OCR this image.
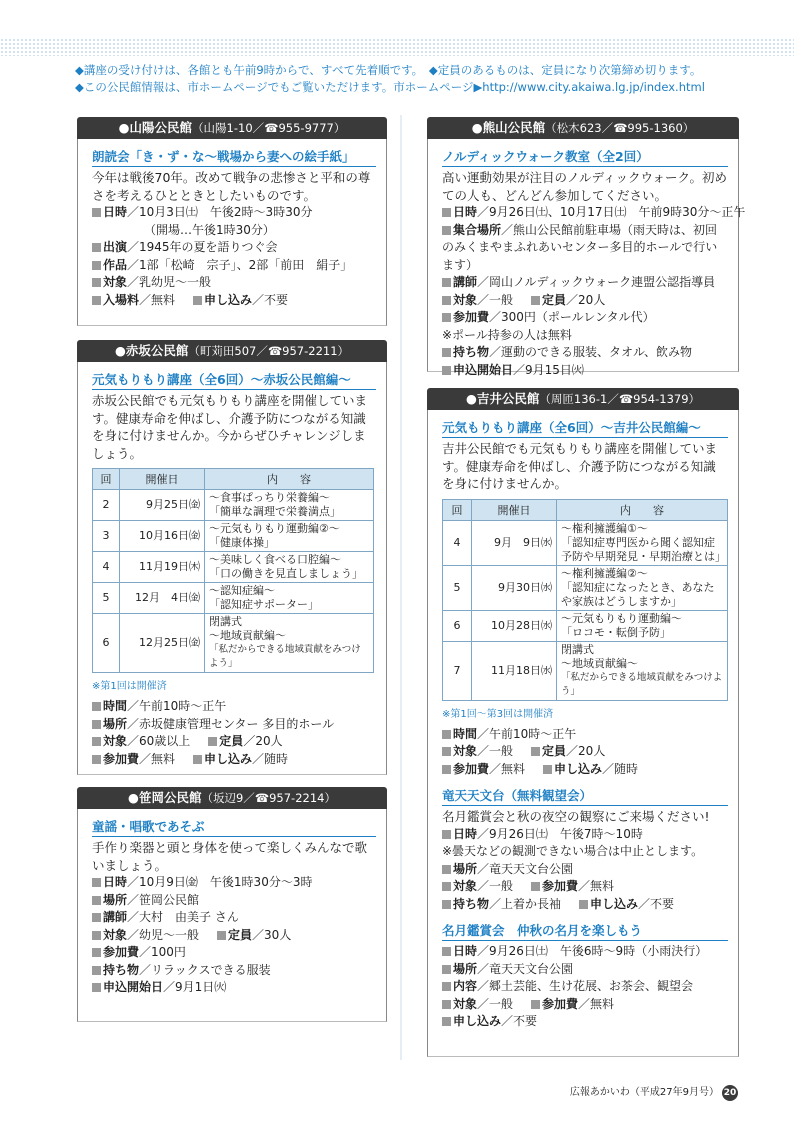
◆講座の受け付けは、各館とも午前9時からで、すべて先着順です。　◆定員のあるものは、定員になり次第締め切ります。
◆この公民館情報は、市ホームページでもご覧いただけます。市ホームページ▶http://www.city.akaiwa.lg.jp/index.html
●山陽公民館（山陽1-10／☎955-9777）
朗読会「き・ず・な～戦場から妻への絵手紙」
今年は戦後70年。改めて戦争の悲惨さと平和の尊さを考えるひとときとしたいものです。
日時／10月3日㈯　午後2時～3時30分
（開場…午後1時30分）
出演／1945年の夏を語りつぐ会
作品／1部「松崎　宗子」、2部「前田　絹子」
対象／乳幼児～一般
入場料／無料 申し込み／不要
●赤坂公民館（町苅田507／☎957-2211）
元気もりもり講座（全6回）～赤坂公民館編～
赤坂公民館でも元気もりもり講座を開催しています。健康寿命を伸ばし、介護予防につながる知識を身に付けませんか。今からぜひチャレンジしましょう。
回	開催日	内　　容
2	9月25日㈮	～食事ぱっちり栄養編～
「簡単な調理で栄養満点」

3	10月16日㈮	～元気もりもり運動編②～
「健康体操」

4	11月19日㈭	～美味しく食べる口腔編～
「口の働きを見直しましょう」

5	12月　4日㈮	～認知症編～
「認知症サポーター」

6	12月25日㈮	閉講式
～地域貢献編～
「私だからできる地域貢献をみつけよう」
※第1回は開催済
時間／午前10時～正午
場所／赤坂健康管理センター 多目的ホール
対象／60歳以上 定員／20人
参加費／無料 申し込み／随時
●笹岡公民館（坂辺9／☎957-2214）
童謡・唱歌であそぶ
手作り楽器と頭と身体を使って楽しくみんなで歌いましょう。
日時／10月9日㈮　午後1時30分～3時
場所／笹岡公民館
講師／大村　由美子 さん
対象／幼児～一般 定員／30人
参加費／100円
持ち物／リラックスできる服装
申込開始日／9月1日㈫
●熊山公民館（松木623／☎995-1360）
ノルディックウォーク教室（全2回）
高い運動効果が注目のノルディックウォーク。初めての人も、どんどん参加してください。
日時／9月26日㈯、10月17日㈯　午前9時30分～正午
集合場所／熊山公民館前駐車場（雨天時は、初回のみくまやまふれあいセンター多目的ホールで行います）
講師／岡山ノルディックウォーク連盟公認指導員
対象／一般 定員／20人
参加費／300円（ポールレンタル代）
※ポール持参の人は無料
持ち物／運動のできる服装、タオル、飲み物
申込開始日／9月15日㈫
●吉井公民館（周匝136-1／☎954-1379）
元気もりもり講座（全6回）～吉井公民館編～
吉井公民館でも元気もりもり講座を開催しています。健康寿命を伸ばし、介護予防につながる知識を身に付けませんか。
回	開催日	内　　容
4	9月　9日㈬	～権利擁護編①～
「認知症専門医から聞く認知症
予防や早期発見・早期治療とは」

5	9月30日㈬	～権利擁護編②～
「認知症になったとき、あなた
や家族はどうしますか」

6	10月28日㈬	～元気もりもり運動編～
「ロコモ・転倒予防」

7	11月18日㈬	閉講式
～地域貢献編～
「私だからできる地域貢献をみつけよう」
※第1回～第3回は開催済
時間／午前10時～正午
対象／一般 定員／20人
参加費／無料 申し込み／随時
竜天天文台（無料観望会）
名月鑑賞会と秋の夜空の観察にご来場ください!
日時／9月26日㈯　午後7時～10時
※曇天などの観測できない場合は中止とします。
場所／竜天天文台公園
対象／一般 参加費／無料
持ち物／上着か長袖 申し込み／不要
名月鑑賞会　仲秋の名月を楽しもう
日時／9月26日㈯　午後6時～9時（小雨決行）
場所／竜天天文台公園
内容／郷土芸能、生け花展、お茶会、観望会
対象／一般 参加費／無料
申し込み／不要
広報あかいわ（平成27年9月号） 20
